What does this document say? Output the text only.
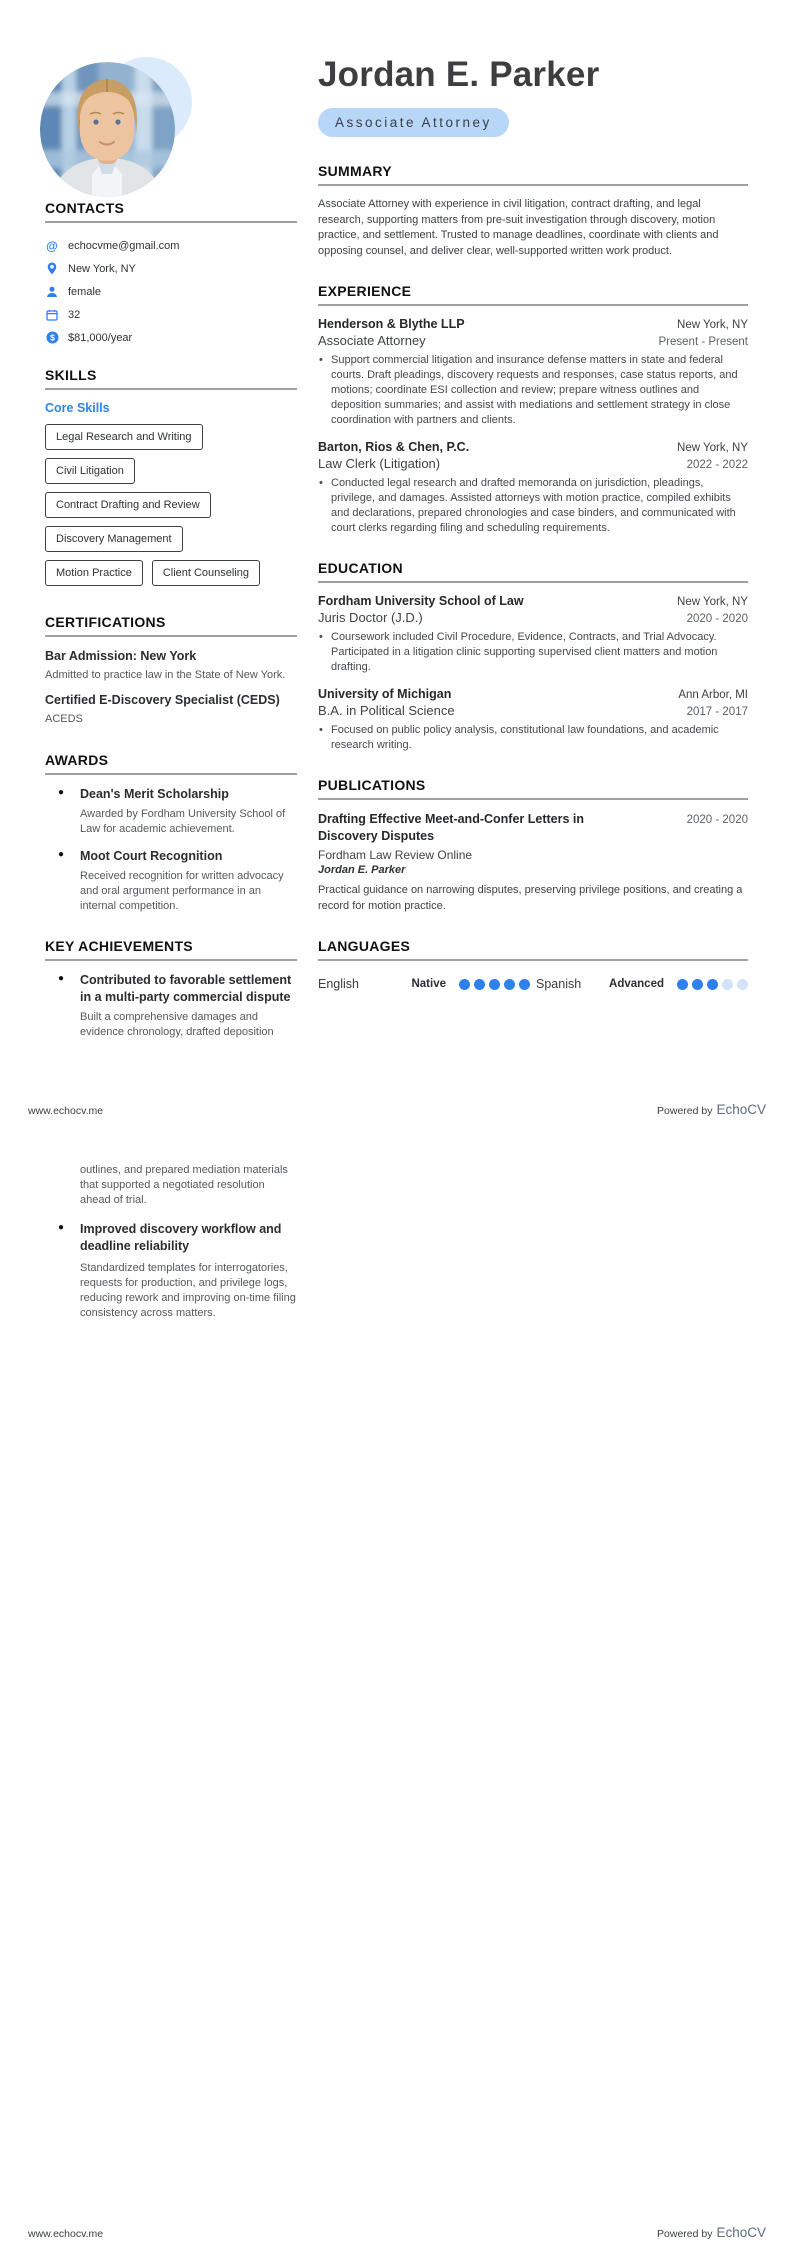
Jordan E. Parker
Associate Attorney
SUMMARY

Associate Attorney with experience in civil litigation, contract drafting, and legal research, supporting matters from pre-suit investigation through discovery, motion practice, and settlement. Trusted to manage deadlines, coordinate with clients and opposing counsel, and deliver clear, well-supported written work product.

EXPERIENCE
Henderson & Blythe LLP	New York, NY
Associate Attorney	Present - Present
• Support commercial litigation and insurance defense matters in state and federal courts. Draft pleadings, discovery requests and responses, case status reports, and motions; coordinate ESI collection and review; prepare witness outlines and deposition summaries; and assist with mediations and settlement strategy in close coordination with partners and clients.
Barton, Rios & Chen, P.C.	New York, NY
Law Clerk (Litigation)	2022 - 2022
• Conducted legal research and drafted memoranda on jurisdiction, pleadings, privilege, and damages. Assisted attorneys with motion practice, compiled exhibits and declarations, prepared chronologies and case binders, and communicated with court clerks regarding filing and scheduling requirements.
EDUCATION
Fordham University School of Law	New York, NY
Juris Doctor (J.D.)	2020 - 2020
• Coursework included Civil Procedure, Evidence, Contracts, and Trial Advocacy. Participated in a litigation clinic supporting supervised client matters and motion drafting.
University of Michigan	Ann Arbor, MI
B.A. in Political Science	2017 - 2017
• Focused on public policy analysis, constitutional law foundations, and academic research writing.
PUBLICATIONS
Drafting Effective Meet-and-Confer Letters in Discovery Disputes
2020 - 2020
Fordham Law Review Online
Jordan E. Parker

Practical guidance on narrowing disputes, preserving privilege positions, and creating a record for motion practice.

LANGUAGES
English	Native	Spanish	Advanced
CONTACTS
@ echocvme@gmail.com
New York, NY
female
32
$ $81,000/year
SKILLS
Core Skills
Legal Research and Writing
Civil Litigation
Contract Drafting and Review
Discovery Management
Motion Practice	Client Counseling
CERTIFICATIONS
Bar Admission: New York
Admitted to practice law in the State of New York.
Certified E-Discovery Specialist (CEDS)
ACEDS
AWARDS
● Dean's Merit Scholarship
Awarded by Fordham University School of Law for academic achievement.
● Moot Court Recognition
Received recognition for written advocacy and oral argument performance in an internal competition.
KEY ACHIEVEMENTS
● Contributed to favorable settlement in a multi-party commercial dispute
Built a comprehensive damages and evidence chronology, drafted deposition
www.echocv.me	Powered by EchoCV

outlines, and prepared mediation materials that supported a negotiated resolution ahead of trial.

● Improved discovery workflow and deadline reliability
Standardized templates for interrogatories, requests for production, and privilege logs, reducing rework and improving on-time filing consistency across matters.
www.echocv.me	Powered by EchoCV
